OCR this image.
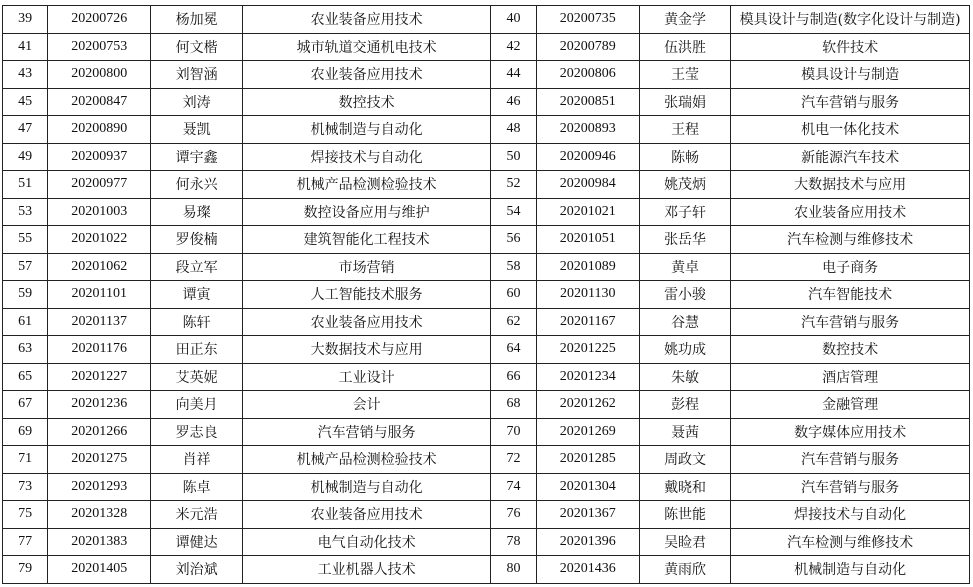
39	20200726	杨加冕	农业装备应用技术	40	20200735	黄金学	模具设计与制造(数字化设计与制造)
41	20200753	何文楷	城市轨道交通机电技术	42	20200789	伍洪胜	软件技术
43	20200800	刘智涵	农业装备应用技术	44	20200806	王莹	模具设计与制造
45	20200847	刘涛	数控技术	46	20200851	张瑞娟	汽车营销与服务
47	20200890	聂凯	机械制造与自动化	48	20200893	王程	机电一体化技术
49	20200937	谭宇鑫	焊接技术与自动化	50	20200946	陈畅	新能源汽车技术
51	20200977	何永兴	机械产品检测检验技术	52	20200984	姚茂炳	大数据技术与应用
53	20201003	易璨	数控设备应用与维护	54	20201021	邓子轩	农业装备应用技术
55	20201022	罗俊楠	建筑智能化工程技术	56	20201051	张岳华	汽车检测与维修技术
57	20201062	段立军	市场营销	58	20201089	黄卓	电子商务
59	20201101	谭寅	人工智能技术服务	60	20201130	雷小骏	汽车智能技术
61	20201137	陈轩	农业装备应用技术	62	20201167	谷慧	汽车营销与服务
63	20201176	田正东	大数据技术与应用	64	20201225	姚功成	数控技术
65	20201227	艾英妮	工业设计	66	20201234	朱敏	酒店管理
67	20201236	向美月	会计	68	20201262	彭程	金融管理
69	20201266	罗志良	汽车营销与服务	70	20201269	聂茜	数字媒体应用技术
71	20201275	肖祥	机械产品检测检验技术	72	20201285	周政文	汽车营销与服务
73	20201293	陈卓	机械制造与自动化	74	20201304	戴晓和	汽车营销与服务
75	20201328	米元浩	农业装备应用技术	76	20201367	陈世能	焊接技术与自动化
77	20201383	谭健达	电气自动化技术	78	20201396	吴睑君	汽车检测与维修技术
79	20201405	刘治斌	工业机器人技术	80	20201436	黄雨欣	机械制造与自动化
